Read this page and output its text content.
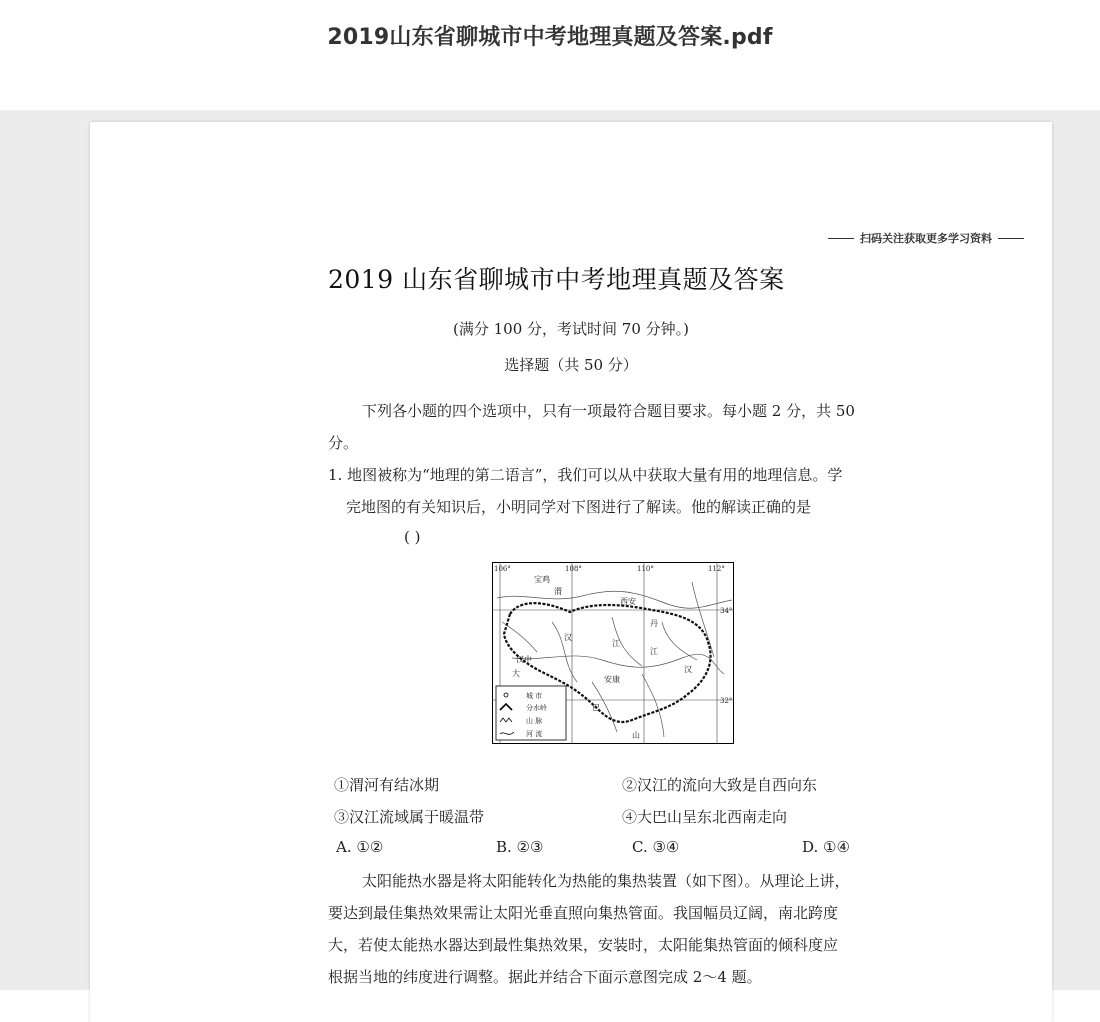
2019山东省聊城市中考地理真题及答案.pdf
扫码关注获取更多学习资料
2019 山东省聊城市中考地理真题及答案
(满分 100 分，考试时间 70 分钟。)
选择题（共 50 分）
下列各小题的四个选项中，只有一项最符合题目要求。每小题 2 分，共 50
分。
1. 地图被称为“地理的第二语言”，我们可以从中获取大量有用的地理信息。学
完地图的有关知识后，小明同学对下图进行了解读。他的解读正确的是
( )
106°	108°	110°	112°
34°
32°
宝鸡
渭
西安
汉
汉中
大
丹
江
安康
江
汉
巴
山
城 市
分水岭
山 脉
河 流
①渭河有结冰期	②汉江的流向大致是自西向东
③汉江流域属于暖温带	④大巴山呈东北西南走向
A. ①②	B. ②③	C. ③④	D. ①④
太阳能热水器是将太阳能转化为热能的集热装置（如下图）。从理论上讲，
要达到最佳集热效果需让太阳光垂直照向集热管面。我国幅员辽阔，南北跨度
大，若使太能热水器达到最性集热效果，安装时，太阳能集热管面的倾科度应
根据当地的纬度进行调整。据此并结合下面示意图完成 2～4 题。
